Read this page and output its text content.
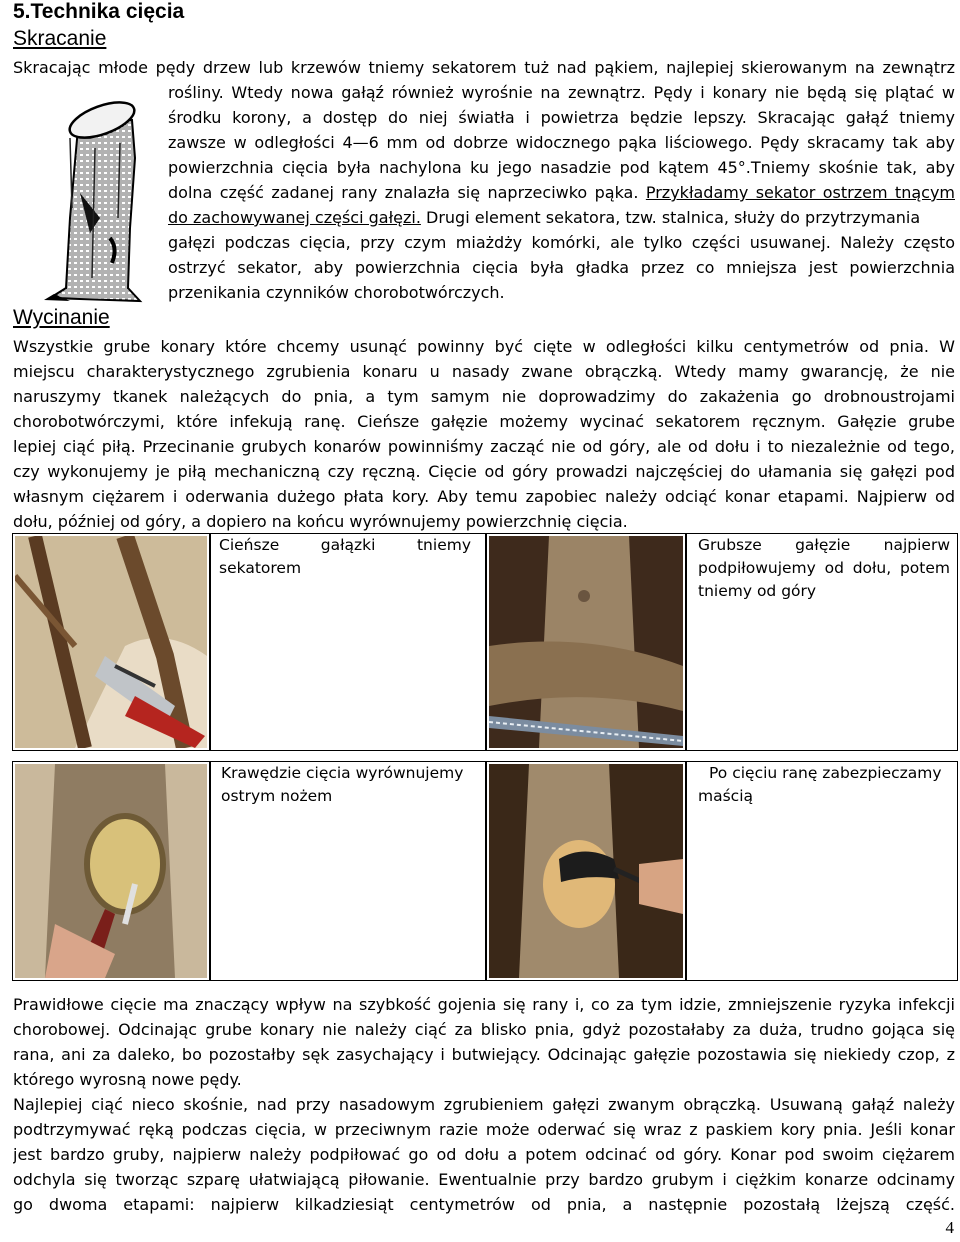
5.Technika cięcia
Skracanie
Skracając młode pędy drzew lub krzewów tniemy sekatorem tuż nad pąkiem, najlepiej skierowanym na zewnątrz
rośliny. Wtedy nowa gałąź również wyrośnie na zewnątrz. Pędy i konary nie będą się plątać w
środku korony, a dostęp do niej światła i powietrza będzie lepszy. Skracając gałąź tniemy
zawsze w odległości 4—6 mm od dobrze widocznego pąka liściowego. Pędy skracamy tak aby
powierzchnia cięcia była nachylona ku jego nasadzie pod kątem 45°.Tniemy skośnie tak, aby
dolna część zadanej rany znalazła się naprzeciwko pąka. Przykładamy sekator ostrzem tnącym
do zachowywanej części gałęzi. Drugi element sekatora, tzw. stalnica, służy do przytrzymania
gałęzi podczas cięcia, przy czym miażdży komórki, ale tylko części usuwanej. Należy często
ostrzyć sekator, aby powierzchnia cięcia była gładka przez co mniejsza jest powierzchnia
przenikania czynników chorobotwórczych.
Wycinanie
Wszystkie grube konary które chcemy usunąć powinny być cięte w odległości kilku centymetrów od pnia. W
miejscu charakterystycznego zgrubienia konaru u nasady zwane obrączką. Wtedy mamy gwarancję, że nie
naruszymy tkanek należących do pnia, a tym samym nie doprowadzimy do zakażenia go drobnoustrojami
chorobotwórczymi, które infekują ranę. Cieńsze gałęzie możemy wycinać sekatorem ręcznym. Gałęzie grube
lepiej ciąć piłą. Przecinanie grubych konarów powinniśmy zacząć nie od góry, ale od dołu i to niezależnie od tego,
czy wykonujemy je piłą mechaniczną czy ręczną. Cięcie od góry prowadzi najczęściej do ułamania się gałęzi pod
własnym ciężarem i oderwania dużego płata kory. Aby temu zapobiec należy odciąć konar etapami. Najpierw od
dołu, później od góry, a dopiero na końcu wyrównujemy powierzchnię cięcia.
Cieńsze gałązki tniemy
sekatorem
Grubsze gałęzie najpierw
podpiłowujemy od dołu, potem
tniemy od góry
Krawędzie cięcia wyrównujemy
ostrym nożem
Po cięciu ranę zabezpieczamy
maścią
Prawidłowe cięcie ma znaczący wpływ na szybkość gojenia się rany i, co za tym idzie, zmniejszenie ryzyka infekcji
chorobowej. Odcinając grube konary nie należy ciąć za blisko pnia, gdyż pozostałaby za duża, trudno gojąca się
rana, ani za daleko, bo pozostałby sęk zasychający i butwiejący. Odcinając gałęzie pozostawia się niekiedy czop, z
którego wyrosną nowe pędy.
Najlepiej ciąć nieco skośnie, nad przy nasadowym zgrubieniem gałęzi zwanym obrączką. Usuwaną gałąź należy
podtrzymywać ręką podczas cięcia, w przeciwnym razie może oderwać się wraz z paskiem kory pnia. Jeśli konar
jest bardzo gruby, najpierw należy podpiłować go od dołu a potem odcinać od góry. Konar pod swoim ciężarem
odchyla się tworząc szparę ułatwiającą piłowanie. Ewentualnie przy bardzo grubym i ciężkim konarze odcinamy
go dwoma etapami: najpierw kilkadziesiąt centymetrów od pnia, a następnie pozostałą lżejszą część.
4
